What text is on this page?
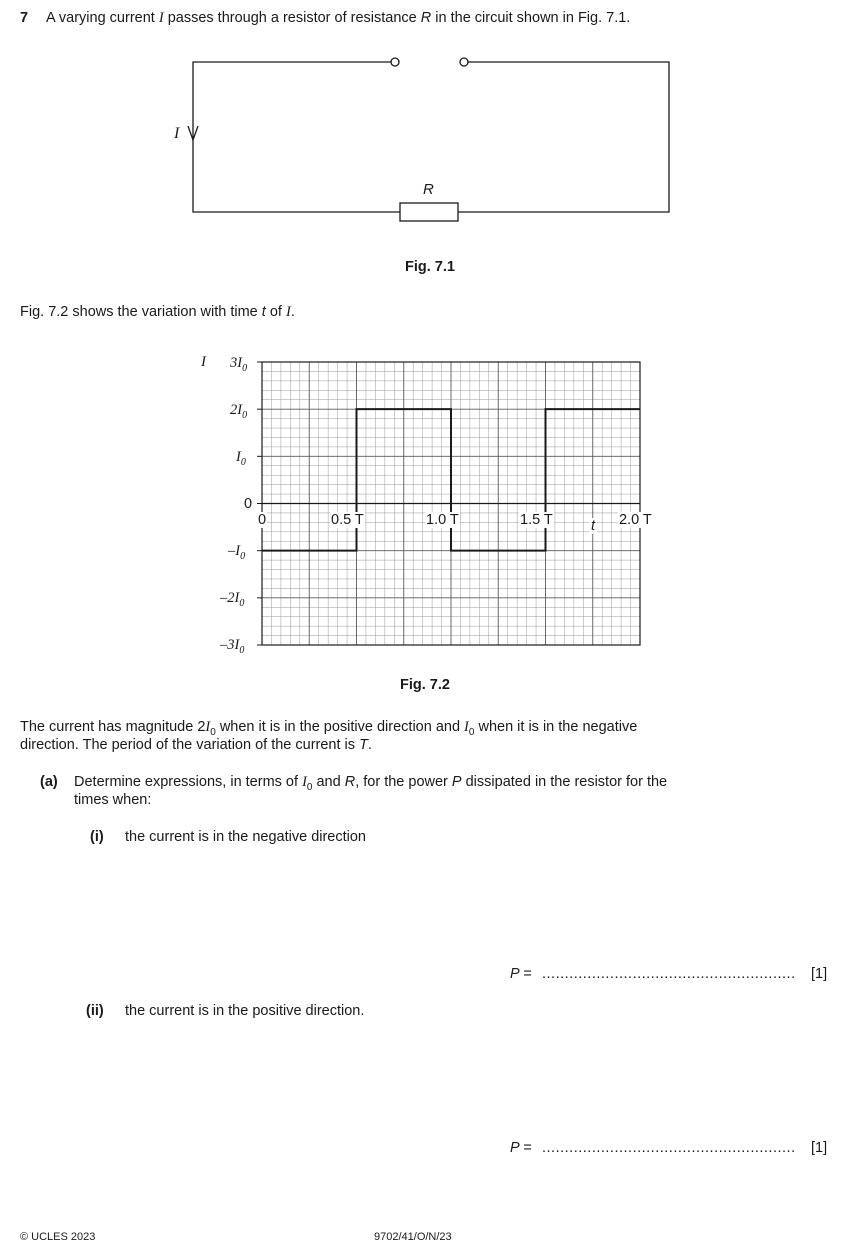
7 A varying current I passes through a resistor of resistance R in the circuit shown in Fig. 7.1.
I
R
Fig. 7.1
Fig. 7.2 shows the variation with time t of I.
I $3I_0$
$2I_0$
$I_0$
0
$-I_0$
$-2I_0$
$-3I_0$
0	0.5 T	1.0 T	1.5 T	2.0 T
t
Fig. 7.2
The current has magnitude $2I_0$ when it is in the positive direction and $I_0$ when it is in the negative
direction. The period of the variation of the current is T.
(a) Determine expressions, in terms of $I_0$ and R, for the power P dissipated in the resistor for the
times when:
(i) the current is in the negative direction
P = ........................................................ [1]
(ii) the current is in the positive direction.
P = ........................................................ [1]
© UCLES 2023	9702/41/O/N/23
